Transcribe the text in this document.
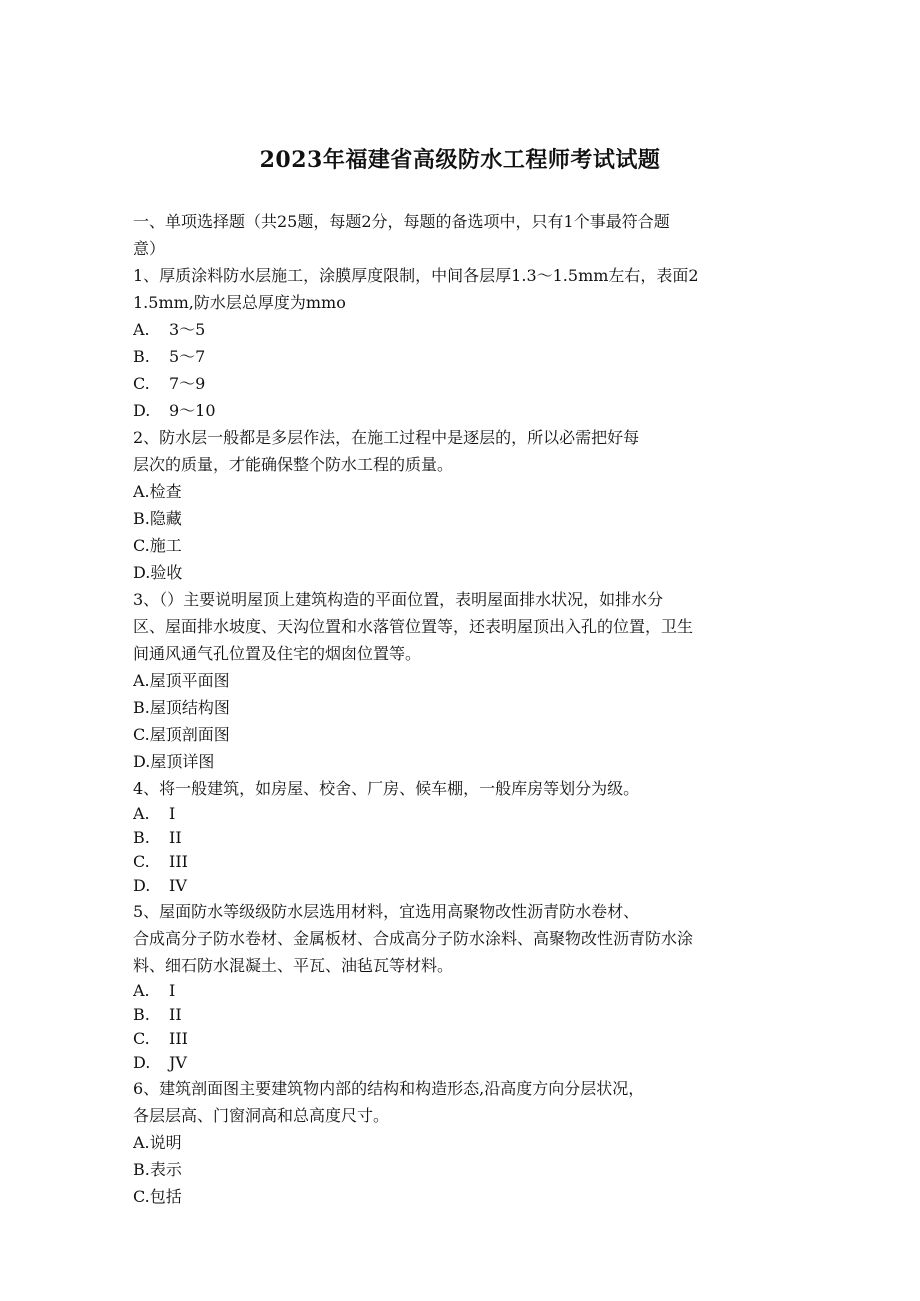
2023年福建省高级防水工程师考试试题
一、单项选择题（共25题，每题2分，每题的备选项中，只有1个事最符合题
意）
1、厚质涂料防水层施工，涂膜厚度限制，中间各层厚1.3～1.5mm左右，表面2
1.5mm,防水层总厚度为mmo
A.	3～5
B.	5～7
C.	7～9
D.	9～10
2、防水层一般都是多层作法，在施工过程中是逐层的，所以必需把好每
层次的质量，才能确保整个防水工程的质量。
A.检查
B.隐藏
C.施工
D.验收
3、（）主要说明屋顶上建筑构造的平面位置，表明屋面排水状况，如排水分
区、屋面排水坡度、天沟位置和水落管位置等，还表明屋顶出入孔的位置，卫生
间通风通气孔位置及住宅的烟囱位置等。
A.屋顶平面图
B.屋顶结构图
C.屋顶剖面图
D.屋顶详图
4、将一般建筑，如房屋、校舍、厂房、候车棚，一般库房等划分为级。
A.	I
B.	II
C.	III
D.	IV
5、屋面防水等级级防水层选用材料，宜选用高聚物改性沥青防水卷材、
合成高分子防水卷材、金属板材、合成高分子防水涂料、高聚物改性沥青防水涂
料、细石防水混凝土、平瓦、油毡瓦等材料。
A.	I
B.	II
C.	III
D.	JV
6、建筑剖面图主要建筑物内部的结构和构造形态,沿高度方向分层状况，
各层层高、门窗洞高和总高度尺寸。
A.说明
B.表示
C.包括
